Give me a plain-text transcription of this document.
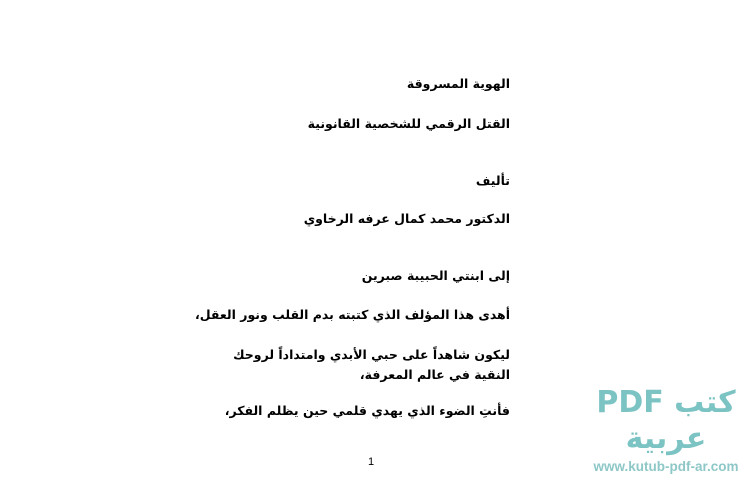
الهوية المسروقة
القتل الرقمي للشخصية القانونية
تأليف
الدكتور محمد كمال عرفه الرخاوي
إلى ابنتي الحبيبة صبرين
أهدى هذا المؤلف الذي كتبته بدم القلب ونور العقل،
ليكون شاهداً على حبي الأبدي وامتداداً لروحك
النقية في عالم المعرفة،
فأنتِ الضوء الذي يهدي قلمي حين يظلم الفكر،
1
كتب PDF عربية
www.kutub-pdf-ar.com
